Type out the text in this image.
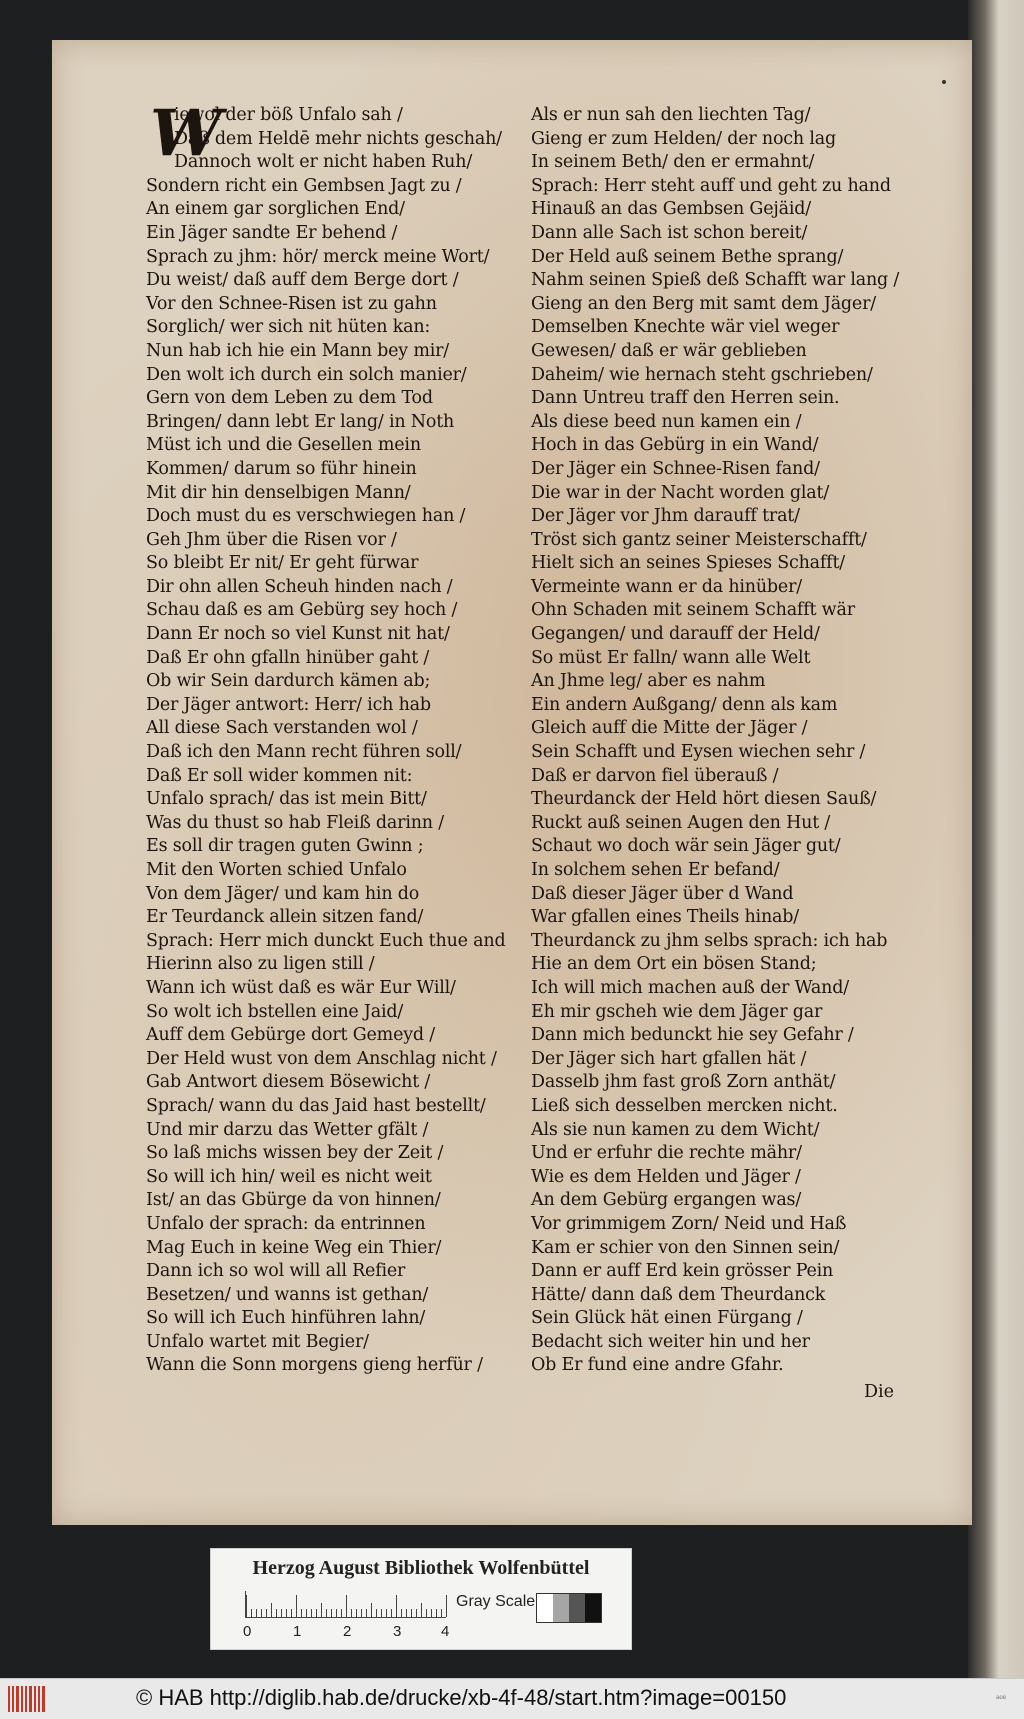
W
iewol der böß Unfalo sah /
Daß dem Heldē mehr nichts geschah/
Dannoch wolt er nicht haben Ruh/
Sondern richt ein Gembsen Jagt zu /
An einem gar sorglichen End/
Ein Jäger sandte Er behend /
Sprach zu jhm: hör/ merck meine Wort/
Du weist/ daß auff dem Berge dort /
Vor den Schnee-Risen ist zu gahn
Sorglich/ wer sich nit hüten kan:
Nun hab ich hie ein Mann bey mir/
Den wolt ich durch ein solch manier/
Gern von dem Leben zu dem Tod
Bringen/ dann lebt Er lang/ in Noth
Müst ich und die Gesellen mein
Kommen/ darum so führ hinein
Mit dir hin denselbigen Mann/
Doch must du es verschwiegen han /
Geh Jhm über die Risen vor /
So bleibt Er nit/ Er geht fürwar
Dir ohn allen Scheuh hinden nach /
Schau daß es am Gebürg sey hoch /
Dann Er noch so viel Kunst nit hat/
Daß Er ohn gfalln hinüber gaht /
Ob wir Sein dardurch kämen ab;
Der Jäger antwort: Herr/ ich hab
All diese Sach verstanden wol /
Daß ich den Mann recht führen soll/
Daß Er soll wider kommen nit:
Unfalo sprach/ das ist mein Bitt/
Was du thust so hab Fleiß darinn /
Es soll dir tragen guten Gwinn ;
Mit den Worten schied Unfalo
Von dem Jäger/ und kam hin do
Er Teurdanck allein sitzen fand/
Sprach: Herr mich dunckt Euch thue and
Hierinn also zu ligen still /
Wann ich wüst daß es wär Eur Will/
So wolt ich bstellen eine Jaid/
Auff dem Gebürge dort Gemeyd /
Der Held wust von dem Anschlag nicht /
Gab Antwort diesem Bösewicht /
Sprach/ wann du das Jaid hast bestellt/
Und mir darzu das Wetter gfält /
So laß michs wissen bey der Zeit /
So will ich hin/ weil es nicht weit
Ist/ an das Gbürge da von hinnen/
Unfalo der sprach: da entrinnen
Mag Euch in keine Weg ein Thier/
Dann ich so wol will all Refier
Besetzen/ und wanns ist gethan/
So will ich Euch hinführen lahn/
Unfalo wartet mit Begier/
Wann die Sonn morgens gieng herfür /
Als er nun sah den liechten Tag/
Gieng er zum Helden/ der noch lag
In seinem Beth/ den er ermahnt/
Sprach: Herr steht auff und geht zu hand
Hinauß an das Gembsen Gejäid/
Dann alle Sach ist schon bereit/
Der Held auß seinem Bethe sprang/
Nahm seinen Spieß deß Schafft war lang /
Gieng an den Berg mit samt dem Jäger/
Demselben Knechte wär viel weger
Gewesen/ daß er wär geblieben
Daheim/ wie hernach steht gschrieben/
Dann Untreu traff den Herren sein.
Als diese beed nun kamen ein /
Hoch in das Gebürg in ein Wand/
Der Jäger ein Schnee-Risen fand/
Die war in der Nacht worden glat/
Der Jäger vor Jhm darauff trat/
Tröst sich gantz seiner Meisterschafft/
Hielt sich an seines Spieses Schafft/
Vermeinte wann er da hinüber/
Ohn Schaden mit seinem Schafft wär
Gegangen/ und darauff der Held/
So müst Er falln/ wann alle Welt
An Jhme leg/ aber es nahm
Ein andern Außgang/ denn als kam
Gleich auff die Mitte der Jäger /
Sein Schafft und Eysen wiechen sehr /
Daß er darvon fiel überauß /
Theurdanck der Held hört diesen Sauß/
Ruckt auß seinen Augen den Hut /
Schaut wo doch wär sein Jäger gut/
In solchem sehen Er befand/
Daß dieser Jäger über d Wand
War gfallen eines Theils hinab/
Theurdanck zu jhm selbs sprach: ich hab
Hie an dem Ort ein bösen Stand;
Ich will mich machen auß der Wand/
Eh mir gscheh wie dem Jäger gar
Dann mich bedunckt hie sey Gefahr /
Der Jäger sich hart gfallen hät /
Dasselb jhm fast groß Zorn anthät/
Ließ sich desselben mercken nicht.
Als sie nun kamen zu dem Wicht/
Und er erfuhr die rechte mähr/
Wie es dem Helden und Jäger /
An dem Gebürg ergangen was/
Vor grimmigem Zorn/ Neid und Haß
Kam er schier von den Sinnen sein/
Dann er auff Erd kein grösser Pein
Hätte/ dann daß dem Theurdanck
Sein Glück hät einen Fürgang /
Bedacht sich weiter hin und her
Ob Er fund eine andre Gfahr.
Die
Herzog August Bibliothek Wolfenbüttel
0	1	2	3	4
Gray Scale
© HAB http://diglib.hab.de/drucke/xb-4f-48/start.htm?image=00150	ᵃᵒᵉ
